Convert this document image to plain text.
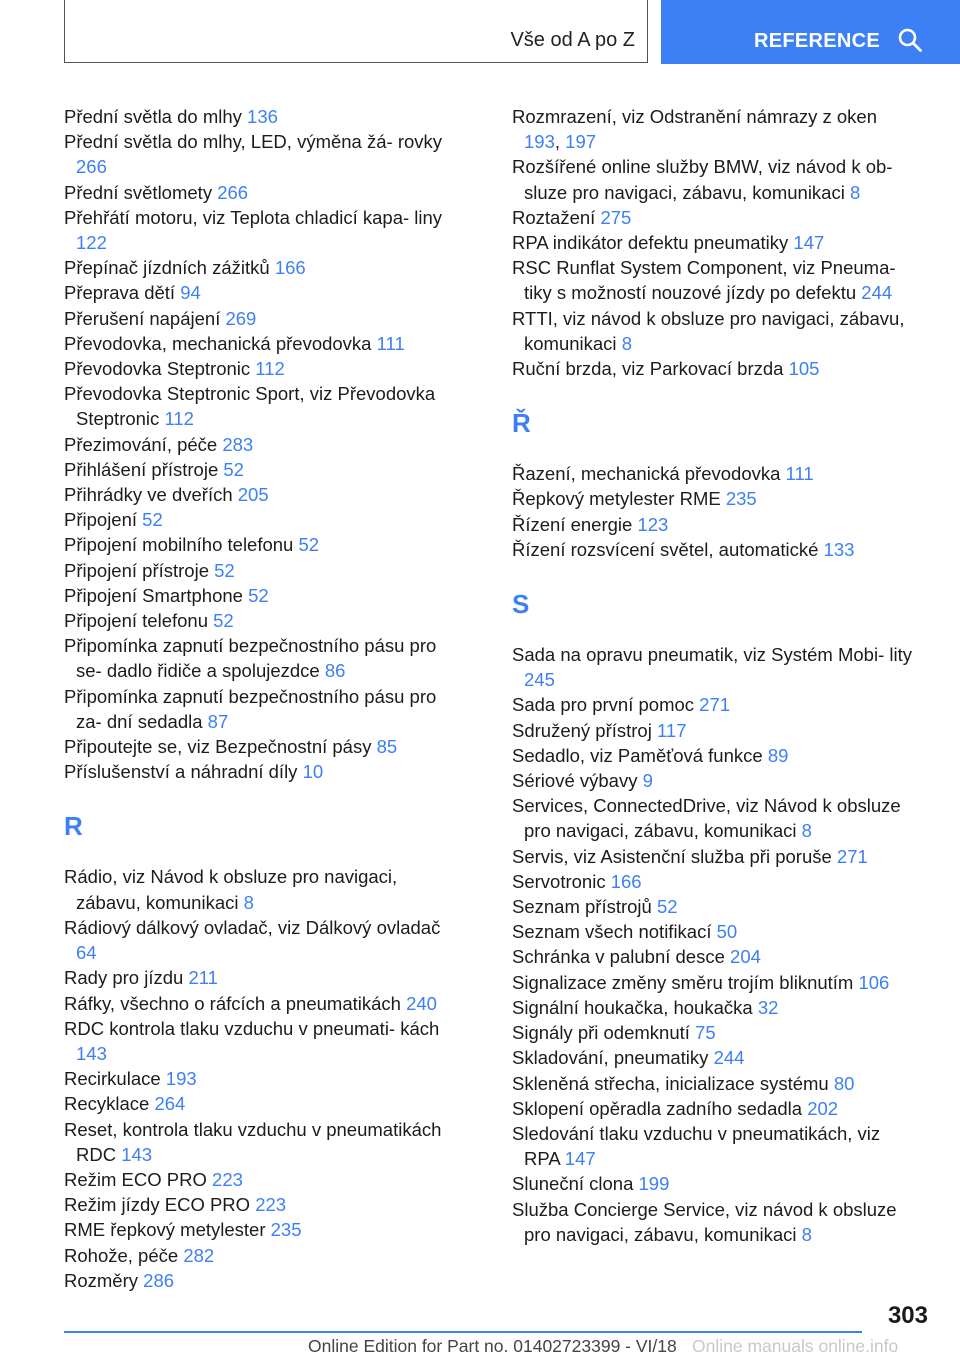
Vše od A po Z	REFERENCE
Přední světla do mlhy 136
Přední světla do mlhy, LED, výměna žá‐ rovky 266
Přední světlomety 266
Přehřátí motoru, viz Teplota chladicí kapa‐ liny 122
Přepínač jízdních zážitků 166
Přeprava dětí 94
Přerušení napájení 269
Převodovka, mechanická převodovka 111
Převodovka Steptronic 112
Převodovka Steptronic Sport, viz Převodovka Steptronic 112
Přezimování, péče 283
Přihlášení přístroje 52
Přihrádky ve dveřích 205
Připojení 52
Připojení mobilního telefonu 52
Připojení přístroje 52
Připojení Smartphone 52
Připojení telefonu 52
Připomínka zapnutí bezpečnostního pásu pro se‐ dadlo řidiče a spolujezdce 86
Připomínka zapnutí bezpečnostního pásu pro za‐ dní sedadla 87
Připoutejte se, viz Bezpečnostní pásy 85
Příslušenství a náhradní díly 10
R
Rádio, viz Návod k obsluze pro navigaci, zábavu, komunikaci 8
Rádiový dálkový ovladač, viz Dálkový ovladač 64
Rady pro jízdu 211
Ráfky, všechno o ráfcích a pneumatikách 240
RDC kontrola tlaku vzduchu v pneumati‐ kách 143
Recirkulace 193
Recyklace 264
Reset, kontrola tlaku vzduchu v pneumatikách RDC 143
Režim ECO PRO 223
Režim jízdy ECO PRO 223
RME řepkový metylester 235
Rohože, péče 282
Rozměry 286
Rozmrazení, viz Odstranění námrazy z oken 193, 197
Rozšířené online služby BMW, viz návod k ob‐ sluze pro navigaci, zábavu, komunikaci 8
Roztažení 275
RPA indikátor defektu pneumatiky 147
RSC Runflat System Component, viz Pneuma‐ tiky s možností nouzové jízdy po defektu 244
RTTI, viz návod k obsluze pro navigaci, zábavu, komunikaci 8
Ruční brzda, viz Parkovací brzda 105
Ř
Řazení, mechanická převodovka 111
Řepkový metylester RME 235
Řízení energie 123
Řízení rozsvícení světel, automatické 133
S
Sada na opravu pneumatik, viz Systém Mobi‐ lity 245
Sada pro první pomoc 271
Sdružený přístroj 117
Sedadlo, viz Paměťová funkce 89
Sériové výbavy 9
Services, ConnectedDrive, viz Návod k obsluze pro navigaci, zábavu, komunikaci 8
Servis, viz Asistenční služba při poruše 271
Servotronic 166
Seznam přístrojů 52
Seznam všech notifikací 50
Schránka v palubní desce 204
Signalizace změny směru trojím bliknutím 106
Signální houkačka, houkačka 32
Signály při odemknutí 75
Skladování, pneumatiky 244
Skleněná střecha, inicializace systému 80
Sklopení opěradla zadního sedadla 202
Sledování tlaku vzduchu v pneumatikách, viz RPA 147
Sluneční clona 199
Služba Concierge Service, viz návod k obsluze pro navigaci, zábavu, komunikaci 8
303
Online Edition for Part no. 01402723399 - VI/18 Online manuals online.info
